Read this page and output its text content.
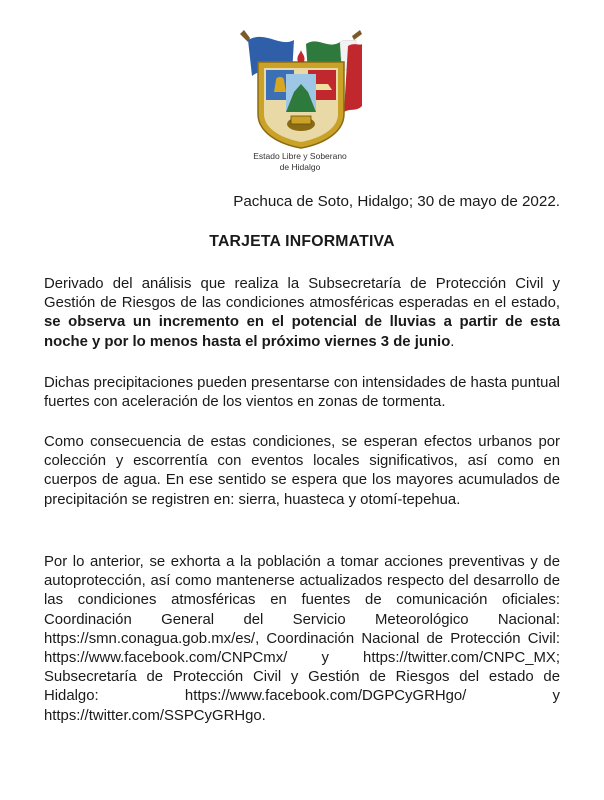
Estado Libre y Soberano
de Hidalgo
Pachuca de Soto, Hidalgo; 30 de mayo de 2022.
TARJETA INFORMATIVA
Derivado del análisis que realiza la Subsecretaría de Protección Civil y Gestión de Riesgos de las condiciones atmosféricas esperadas en el estado, se observa un incremento en el potencial de lluvias a partir de esta noche y por lo menos hasta el próximo viernes 3 de junio.
Dichas precipitaciones pueden presentarse con intensidades de hasta puntual fuertes con aceleración de los vientos en zonas de tormenta.
Como consecuencia de estas condiciones, se esperan efectos urbanos por colección y escorrentía con eventos locales significativos, así como en cuerpos de agua. En ese sentido se espera que los mayores acumulados de precipitación se registren en: sierra, huasteca y otomí-tepehua.
Por lo anterior, se exhorta a la población a tomar acciones preventivas y de autoprotección, así como mantenerse actualizados respecto del desarrollo de las condiciones atmosféricas en fuentes de comunicación oficiales: Coordinación General del Servicio Meteorológico Nacional: https://smn.conagua.gob.mx/es/, Coordinación Nacional de Protección Civil: https://www.facebook.com/CNPCmx/ y https://twitter.com/CNPC_MX; Subsecretaría de Protección Civil y Gestión de Riesgos del estado de Hidalgo: https://www.facebook.com/DGPCyGRHgo/ y https://twitter.com/SSPCyGRHgo.
